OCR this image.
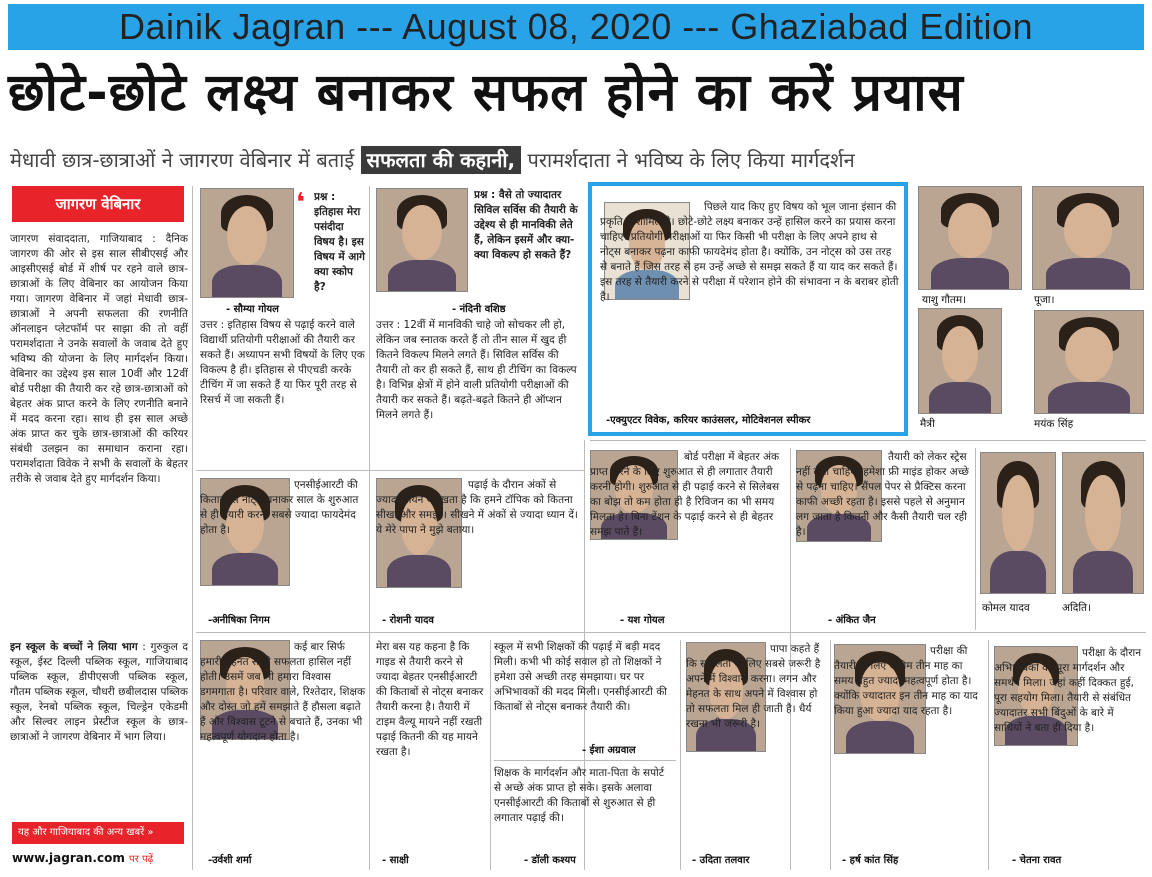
Dainik Jagran --- August 08, 2020 --- Ghaziabad Edition
छोटे-छोटे लक्ष्य बनाकर सफल होने का करें प्रयास
मेधावी छात्र-छात्राओं ने जागरण वेबिनार में बताई सफलता की कहानी, परामर्शदाता ने भविष्य के लिए किया मार्गदर्शन
जागरण वेबिनार
जागरण संवाददाता, गाजियाबाद : दैनिक जागरण की ओर से इस साल सीबीएसई और आइसीएसई बोर्ड में शीर्ष पर रहने वाले छात्र-छात्राओं के लिए वेबिनार का आयोजन किया गया। जागरण वेबिनार में जहां मेधावी छात्र-छात्राओं ने अपनी सफलता की रणनीति ऑनलाइन प्लेटफॉर्म पर साझा की तो वहीं परामर्शदाता ने उनके सवालों के जवाब देते हुए भविष्य की योजना के लिए मार्गदर्शन किया। वेबिनार का उद्देश्य इस साल 10वीं और 12वीं बोर्ड परीक्षा की तैयारी कर रहे छात्र-छात्राओं को बेहतर अंक प्राप्त करने के लिए रणनीति बनाने में मदद करना रहा। साथ ही इस साल अच्छे अंक प्राप्त कर चुके छात्र-छात्राओं की करियर संबंधी उलझन का समाधान कराना रहा। परामर्शदाता विवेक ने सभी के सवालों के बेहतर तरीके से जवाब देते हुए मार्गदर्शन किया।
इन स्कूल के बच्चों ने लिया भाग : गुरुकुल द स्कूल, ईस्ट दिल्ली पब्लिक स्कूल, गाजियाबाद पब्लिक स्कूल, डीपीएसजी पब्लिक स्कूल, गौतम पब्लिक स्कूल, चौधरी छबीलदास पब्लिक स्कूल, रेनबो पब्लिक स्कूल, चिल्ड्रेन एकेडमी और सिल्वर लाइन प्रेस्टीज स्कूल के छात्र-छात्राओं ने जागरण वेबिनार में भाग लिया।
यह और गाजियाबाद की अन्य खबरें »
www.jagran.com पर पढ़ें
❛ प्रश्न : इतिहास मेरा पसंदीदा विषय है। इस विषय में आगे क्या स्कोप है?
- सौम्या गोयल
उत्तर : इतिहास विषय से पढ़ाई करने वाले विद्यार्थी प्रतियोगी परीक्षाओं की तैयारी कर सकते हैं। अध्यापन सभी विषयों के लिए एक विकल्प है ही। इतिहास से पीएचडी करके टीचिंग में जा सकते हैं या फिर पूरी तरह से रिसर्च में जा सकती हैं।
प्रश्न : वैसे तो ज्यादातर सिविल सर्विस की तैयारी के उद्देश्य से ही मानविकी लेते हैं, लेकिन इसमें और क्या-क्या विकल्प हो सकते हैं?
- नंदिनी वशिष्ठ
उत्तर : 12वीं में मानविकी चाहे जो सोचकर ली हो, लेकिन जब स्नातक करते हैं तो तीन साल में खुद ही कितने विकल्प मिलने लगते हैं। सिविल सर्विस की तैयारी तो कर ही सकते हैं, साथ ही टीचिंग का विकल्प है। विभिन्न क्षेत्रों में होने वाली प्रतियोगी परीक्षाओं की तैयारी कर सकते हैं। बढ़ते-बढ़ते कितने ही ऑप्शन मिलने लगते हैं।
पिछले याद किए हुए विषय को भूल जाना इंसान की प्रकृति में शामिल है। छोटे-छोटे लक्ष्य बनाकर उन्हें हासिल करने का प्रयास करना चाहिए। प्रतियोगी परीक्षाओं या फिर किसी भी परीक्षा के लिए अपने हाथ से नोट्स बनाकर पढ़ना काफी फायदेमंद होता है। क्योंकि, उन नोट्स को उस तरह से बनाते हैं जिस तरह से हम उन्हें अच्छे से समझ सकते हैं या याद कर सकते हैं। इस तरह से तैयारी करने से परीक्षा में परेशान होने की संभावना न के बराबर होती है।
-एक्युएटर विवेक, करियर काउंसलर, मोटिवेशनल स्पीकर
याशु गौतम।	पूजा।
मैत्री	मयंक सिंह
एनसीईआरटी की किताबों से नोट्स बनाकर साल के शुरुआत से ही तैयारी करना सबसे ज्यादा फायदेमंद होता है।
-अनीषिका निगम
पढ़ाई के दौरान अंकों से ज्यादा मायने ये रखता है कि हमने टॉपिक को कितना सीखा और समझा। सीखने में अंकों से ज्यादा ध्यान दें। ये मेरे पापा ने मुझे बताया।
- रोशनी यादव
बोर्ड परीक्षा में बेहतर अंक प्राप्त करने के लिए शुरुआत से ही लगातार तैयारी करनी होगी। शुरुआत से ही पढ़ाई करने से सिलेबस का बोझ तो कम होता ही है रिविजन का भी समय मिलता है। बिना टेंशन के पढ़ाई करने से ही बेहतर समझ पाते हैं।
- यश गोयल
तैयारी को लेकर स्ट्रेस नहीं लेना चाहिए। हमेशा फ्री माइंड होकर अच्छे से पढ़ना चाहिए। सैंपल पेपर से प्रैक्टिस करना काफी अच्छी रहता है। इससे पहले से अनुमान लग जाता है कितनी और कैसी तैयारी चल रही है।
- अंकित जैन
कोमल यादव	अदिति।
कई बार सिर्फ हमारी मेहनत से ही सफलता हासिल नहीं होती। उसमें जब भी हमारा विश्वास डगमगाता है। परिवार वाले, रिश्तेदार, शिक्षक और दोस्त जो हमें समझाते हैं हौसला बढ़ाते हैं और विश्वास टूटने से बचाते हैं, उनका भी महत्वपूर्ण योगदान होता है।
-उर्वशी शर्मा
मेरा बस यह कहना है कि गाइड से तैयारी करने से ज्यादा बेहतर एनसीईआरटी की किताबों से नोट्स बनाकर तैयारी करना है। तैयारी में टाइम वैल्यू मायने नहीं रखती पढ़ाई कितनी की यह मायने रखता है।
- साक्षी
स्कूल में सभी शिक्षकों की पढ़ाई में बड़ी मदद मिली। कभी भी कोई सवाल हो तो शिक्षकों ने हमेशा उसे अच्छी तरह समझाया। घर पर अभिभावकों की मदद मिली। एनसीईआरटी की किताबों से नोट्स बनाकर तैयारी की।
- ईशा अग्रवाल
शिक्षक के मार्गदर्शन और माता-पिता के सपोर्ट से अच्छे अंक प्राप्त हो सके। इसके अलावा एनसीईआरटी की किताबों से शुरुआत से ही लगातार पढ़ाई की।
- डॉली कश्यप
पापा कहते हैं कि सफलता के लिए सबसे जरूरी है अपने में विश्वास करना। लगन और मेहनत के साथ अपने में विश्वास हो तो सफलता मिल ही जाती है। धैर्य रखना भी जरूरी है।
- उदिता तलवार
परीक्षा की तैयारी के लिए अंतिम तीन माह का समय बहुत ज्यादा महत्वपूर्ण होता है। क्योंकि ज्यादातर इन तीन माह का याद किया हुआ ज्यादा याद रहता है।
- हर्ष कांत सिंह
परीक्षा के दौरान अभिभावकों का पूरा मार्गदर्शन और समर्थन मिला। जहां कहीं दिक्कत हुई, पूरा सहयोग मिला। तैयारी से संबंधित ज्यादातर सभी बिंदुओं के बारे में साथियों ने बता ही दिया है।
- चेतना रावत
